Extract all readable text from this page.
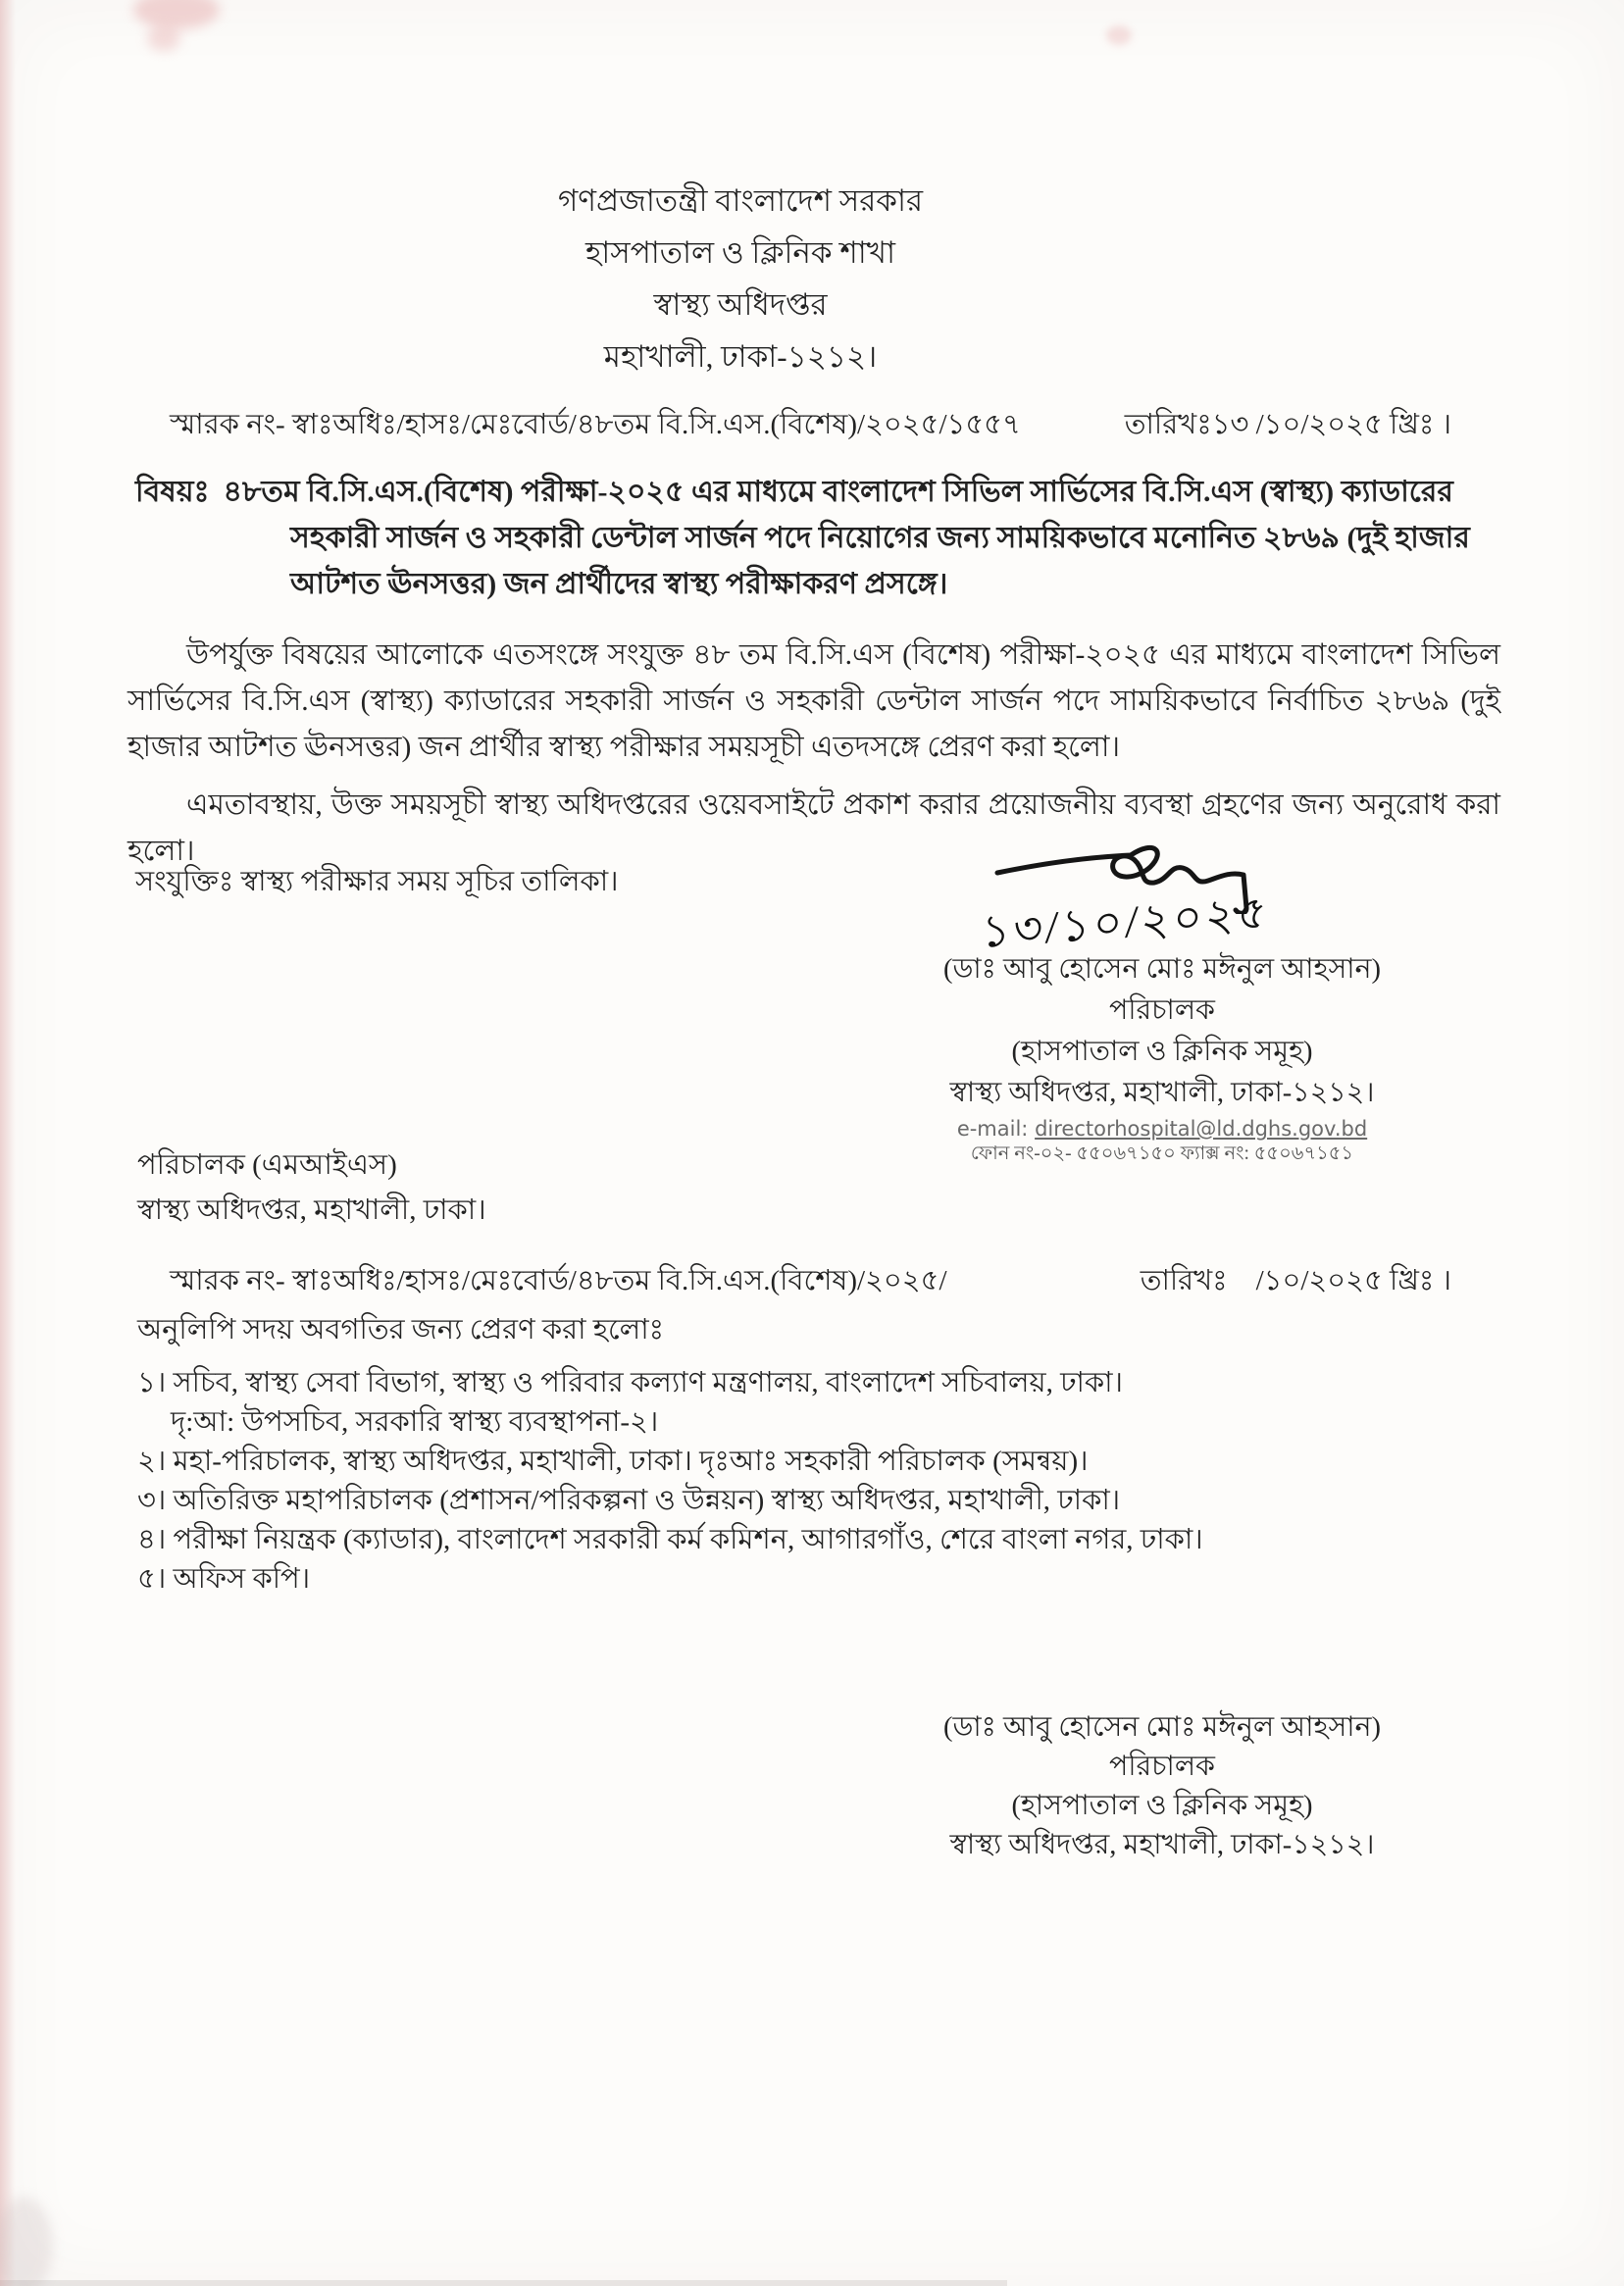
গণপ্রজাতন্ত্রী বাংলাদেশ সরকার
হাসপাতাল ও ক্লিনিক শাখা
স্বাস্থ্য অধিদপ্তর
মহাখালী, ঢাকা-১২১২।
স্মারক নং- স্বাঃঅধিঃ/হাসঃ/মেঃবোর্ড/৪৮তম বি.সি.এস.(বিশেষ)/২০২৫/১৫৫৭	তারিখঃ১৩ /১০/২০২৫ খ্রিঃ ।
বিষয়ঃ ৪৮তম বি.সি.এস.(বিশেষ) পরীক্ষা-২০২৫ এর মাধ্যমে বাংলাদেশ সিভিল সার্ভিসের বি.সি.এস (স্বাস্থ্য) ক্যাডারের সহকারী সার্জন ও সহকারী ডেন্টাল সার্জন পদে নিয়োগের জন্য সাময়িকভাবে মনোনিত ২৮৬৯ (দুই হাজার আটশত ঊনসত্তর) জন প্রার্থীদের স্বাস্থ্য পরীক্ষাকরণ প্রসঙ্গে।
উপর্যুক্ত বিষয়ের আলোকে এতসংঙ্গে সংযুক্ত ৪৮ তম বি.সি.এস (বিশেষ) পরীক্ষা-২০২৫ এর মাধ্যমে বাংলাদেশ সিভিল সার্ভিসের বি.সি.এস (স্বাস্থ্য) ক্যাডারের সহকারী সার্জন ও সহকারী ডেন্টাল সার্জন পদে সাময়িকভাবে নির্বাচিত ২৮৬৯ (দুই হাজার আটশত ঊনসত্তর) জন প্রার্থীর স্বাস্থ্য পরীক্ষার সময়সূচী এতদসঙ্গে প্রেরণ করা হলো।
এমতাবস্থায়, উক্ত সময়সূচী স্বাস্থ্য অধিদপ্তরের ওয়েবসাইটে প্রকাশ করার প্রয়োজনীয় ব্যবস্থা গ্রহণের জন্য অনুরোধ করা হলো।
সংযুক্তিঃ স্বাস্থ্য পরীক্ষার সময় সূচির তালিকা।
১৩/১০/২০২৫
(ডাঃ আবু হোসেন মোঃ মঈনুল আহসান)
পরিচালক
(হাসপাতাল ও ক্লিনিক সমূহ)
স্বাস্থ্য অধিদপ্তর, মহাখালী, ঢাকা-১২১২।
e-mail: directorhospital@ld.dghs.gov.bd
ফোন নং-০২- ৫৫০৬৭১৫০ ফ্যাক্স নং: ৫৫০৬৭১৫১
পরিচালক (এমআইএস)
স্বাস্থ্য অধিদপ্তর, মহাখালী, ঢাকা।
স্মারক নং- স্বাঃঅধিঃ/হাসঃ/মেঃবোর্ড/৪৮তম বি.সি.এস.(বিশেষ)/২০২৫/	তারিখঃ    /১০/২০২৫ খ্রিঃ ।
অনুলিপি সদয় অবগতির জন্য প্রেরণ করা হলোঃ
১। সচিব, স্বাস্থ্য সেবা বিভাগ, স্বাস্থ্য ও পরিবার কল্যাণ মন্ত্রণালয়, বাংলাদেশ সচিবালয়, ঢাকা।
দৃ:আ: উপসচিব, সরকারি স্বাস্থ্য ব্যবস্থাপনা-২।
২। মহা-পরিচালক, স্বাস্থ্য অধিদপ্তর, মহাখালী, ঢাকা। দৃঃআঃ সহকারী পরিচালক (সমন্বয়)।
৩। অতিরিক্ত মহাপরিচালক (প্রশাসন/পরিকল্পনা ও উন্নয়ন) স্বাস্থ্য অধিদপ্তর, মহাখালী, ঢাকা।
৪। পরীক্ষা নিয়ন্ত্রক (ক্যাডার), বাংলাদেশ সরকারী কর্ম কমিশন, আগারগাঁও, শেরে বাংলা নগর, ঢাকা।
৫। অফিস কপি।
(ডাঃ আবু হোসেন মোঃ মঈনুল আহসান)
পরিচালক
(হাসপাতাল ও ক্লিনিক সমূহ)
স্বাস্থ্য অধিদপ্তর, মহাখালী, ঢাকা-১২১২।
